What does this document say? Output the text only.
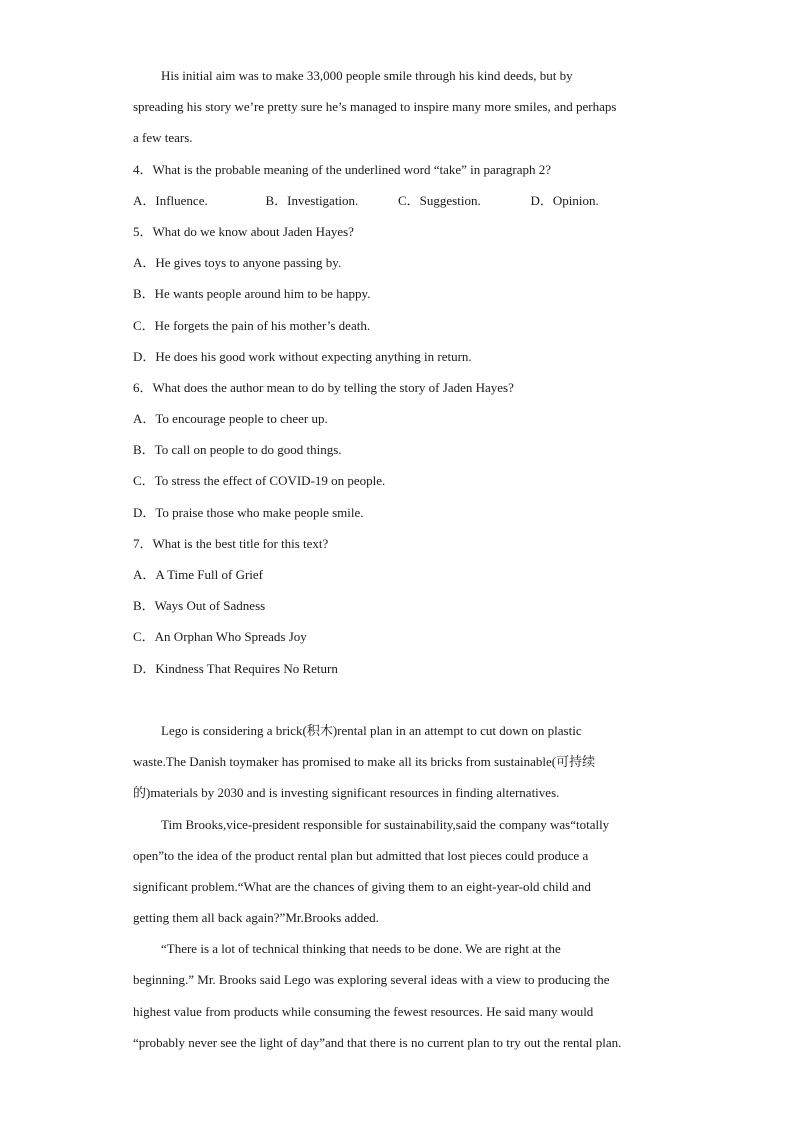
His initial aim was to make 33,000 people smile through his kind deeds, but by
spreading his story we’re pretty sure he’s managed to inspire many more smiles, and perhaps
a few tears.
4．What is the probable meaning of the underlined word “take” in paragraph 2?
A．Influence.	B．Investigation.	C．Suggestion.	D．Opinion.
5．What do we know about Jaden Hayes?
A．He gives toys to anyone passing by.
B．He wants people around him to be happy.
C．He forgets the pain of his mother’s death.
D．He does his good work without expecting anything in return.
6．What does the author mean to do by telling the story of Jaden Hayes?
A．To encourage people to cheer up.
B．To call on people to do good things.
C．To stress the effect of COVID-19 on people.
D．To praise those who make people smile.
7．What is the best title for this text?
A．A Time Full of Grief
B．Ways Out of Sadness
C．An Orphan Who Spreads Joy
D．Kindness That Requires No Return
Lego is considering a brick(积木)rental plan in an attempt to cut down on plastic
waste.The Danish toymaker has promised to make all its bricks from sustainable(可持续
的)materials by 2030 and is investing significant resources in finding alternatives.
Tim Brooks,vice-president responsible for sustainability,said the company was“totally
open”to the idea of the product rental plan but admitted that lost pieces could produce a
significant problem.“What are the chances of giving them to an eight-year-old child and
getting them all back again?”Mr.Brooks added.
“There is a lot of technical thinking that needs to be done. We are right at the
beginning.” Mr. Brooks said Lego was exploring several ideas with a view to producing the
highest value from products while consuming the fewest resources. He said many would
“probably never see the light of day”and that there is no current plan to try out the rental plan.
